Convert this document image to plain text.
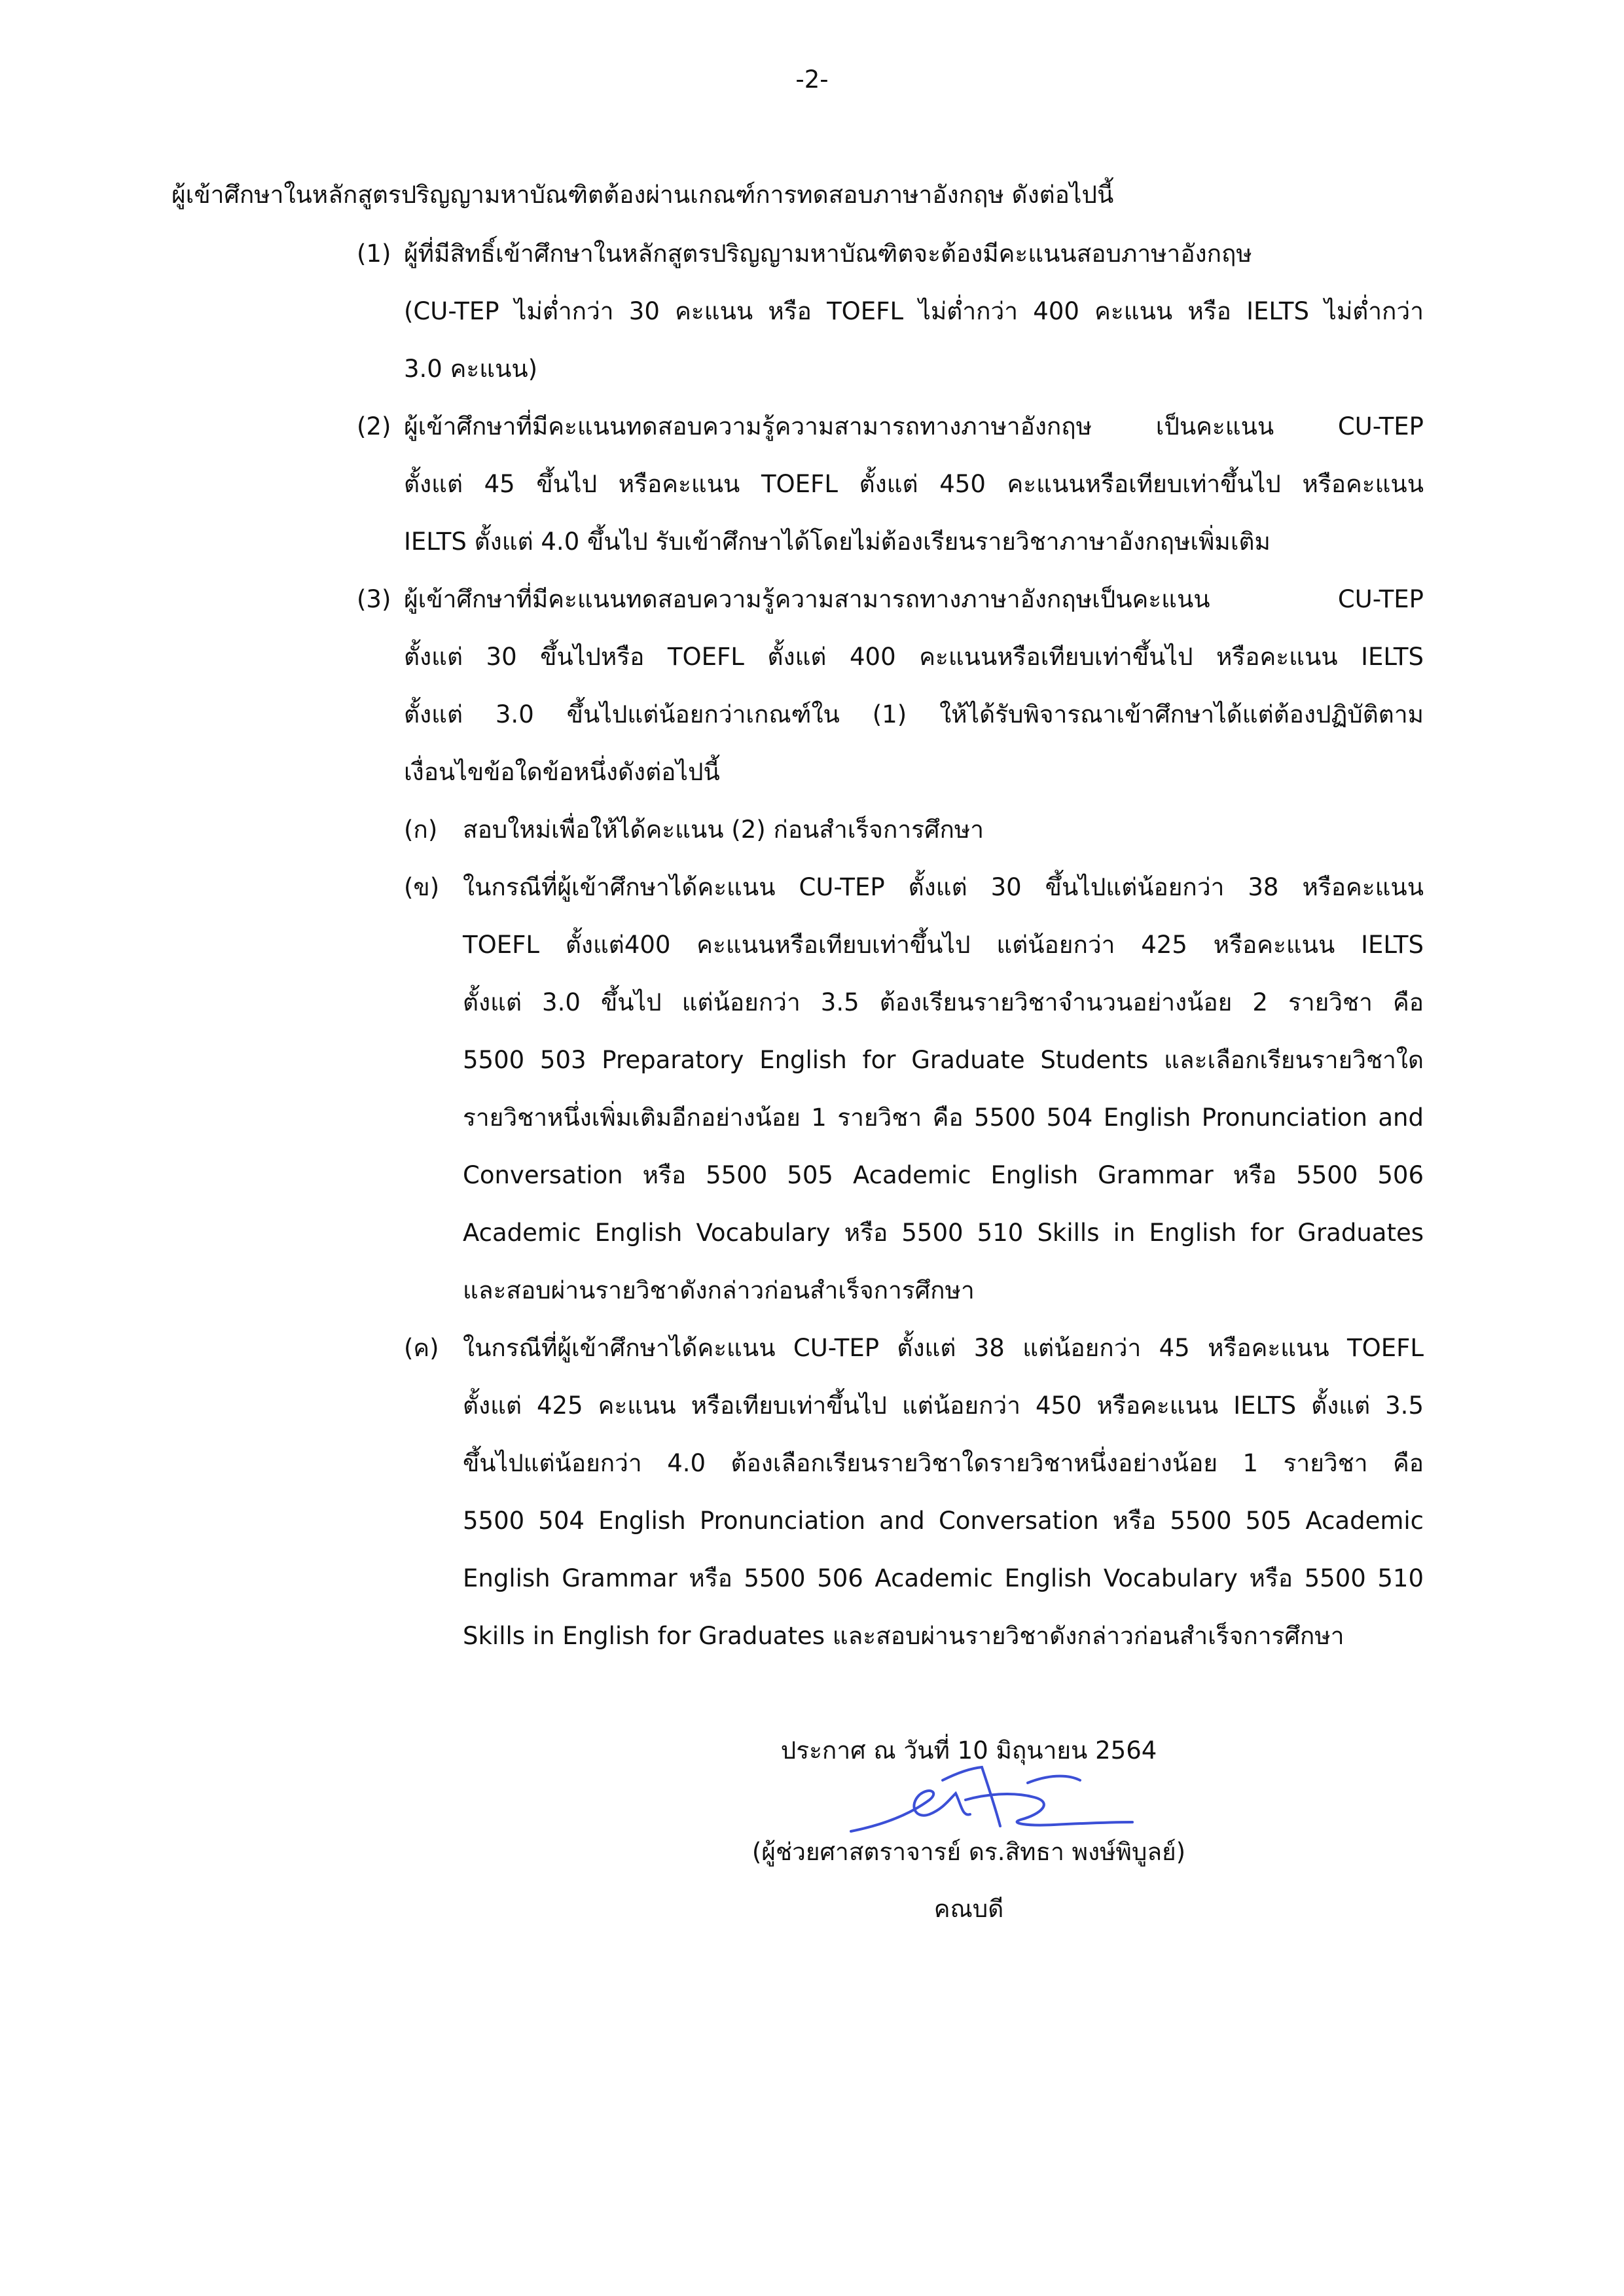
-2-
ผู้เข้าศึกษาในหลักสูตรปริญญามหาบัณฑิตต้องผ่านเกณฑ์การทดสอบภาษาอังกฤษ ดังต่อไปนี้
(1) ผู้ที่มีสิทธิ์เข้าศึกษาในหลักสูตรปริญญามหาบัณฑิตจะต้องมีคะแนนสอบภาษาอังกฤษ
(CU-TEP ไม่ต่ำกว่า 30 คะแนน หรือ TOEFL ไม่ต่ำกว่า 400 คะแนน หรือ IELTS ไม่ต่ำกว่า
3.0 คะแนน)
(2) ผู้เข้าศึกษาที่มีคะแนนทดสอบความรู้ความสามารถทางภาษาอังกฤษ เป็นคะแนน CU-TEP
ตั้งแต่ 45 ขึ้นไป หรือคะแนน TOEFL ตั้งแต่ 450 คะแนนหรือเทียบเท่าขึ้นไป หรือคะแนน
IELTS ตั้งแต่ 4.0 ขึ้นไป รับเข้าศึกษาได้โดยไม่ต้องเรียนรายวิชาภาษาอังกฤษเพิ่มเติม
(3) ผู้เข้าศึกษาที่มีคะแนนทดสอบความรู้ความสามารถทางภาษาอังกฤษเป็นคะแนน CU-TEP
ตั้งแต่ 30 ขึ้นไปหรือ TOEFL ตั้งแต่ 400 คะแนนหรือเทียบเท่าขึ้นไป หรือคะแนน IELTS
ตั้งแต่ 3.0 ขึ้นไปแต่น้อยกว่าเกณฑ์ใน (1) ให้ได้รับพิจารณาเข้าศึกษาได้แต่ต้องปฏิบัติตาม
เงื่อนไขข้อใดข้อหนึ่งดังต่อไปนี้
(ก) สอบใหม่เพื่อให้ได้คะแนน (2) ก่อนสำเร็จการศึกษา
(ข) ในกรณีที่ผู้เข้าศึกษาได้คะแนน CU-TEP ตั้งแต่ 30 ขึ้นไปแต่น้อยกว่า 38 หรือคะแนน
TOEFL ตั้งแต่400 คะแนนหรือเทียบเท่าขึ้นไป แต่น้อยกว่า 425 หรือคะแนน IELTS
ตั้งแต่ 3.0 ขึ้นไป แต่น้อยกว่า 3.5 ต้องเรียนรายวิชาจำนวนอย่างน้อย 2 รายวิชา คือ
5500 503 Preparatory English for Graduate Students และเลือกเรียนรายวิชาใด
รายวิชาหนึ่งเพิ่มเติมอีกอย่างน้อย 1 รายวิชา คือ 5500 504 English Pronunciation and
Conversation หรือ 5500 505 Academic English Grammar หรือ 5500 506
Academic English Vocabulary หรือ 5500 510 Skills in English for Graduates
และสอบผ่านรายวิชาดังกล่าวก่อนสำเร็จการศึกษา
(ค) ในกรณีที่ผู้เข้าศึกษาได้คะแนน CU-TEP ตั้งแต่ 38 แต่น้อยกว่า 45 หรือคะแนน TOEFL
ตั้งแต่ 425 คะแนน หรือเทียบเท่าขึ้นไป แต่น้อยกว่า 450 หรือคะแนน IELTS ตั้งแต่ 3.5
ขึ้นไปแต่น้อยกว่า 4.0 ต้องเลือกเรียนรายวิชาใดรายวิชาหนึ่งอย่างน้อย 1 รายวิชา คือ
5500 504 English Pronunciation and Conversation หรือ 5500 505 Academic
English Grammar หรือ 5500 506 Academic English Vocabulary หรือ 5500 510
Skills in English for Graduates และสอบผ่านรายวิชาดังกล่าวก่อนสำเร็จการศึกษา
ประกาศ ณ วันที่ 10 มิถุนายน 2564
(ผู้ช่วยศาสตราจารย์ ดร.สิทธา พงษ์พิบูลย์)
คณบดี
